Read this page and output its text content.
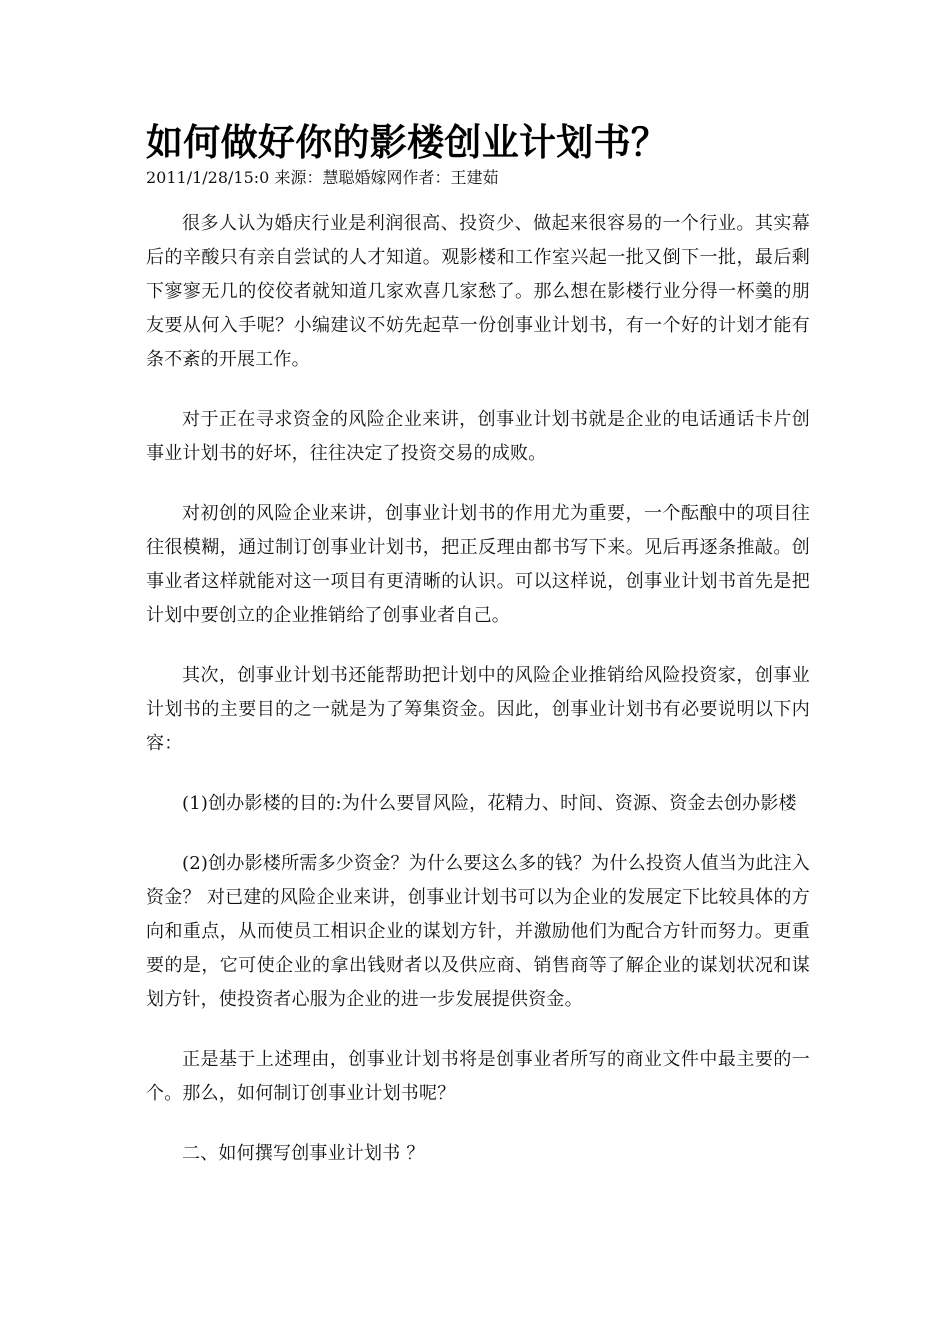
如何做好你的影楼创业计划书？
2011/1/28/15:0 来源：慧聪婚嫁网作者：王建茹

很多人认为婚庆行业是利润很高、投资少、做起来很容易的一个行业。其实幕后的辛酸只有亲自尝试的人才知道。观影楼和工作室兴起一批又倒下一批，最后剩下寥寥无几的佼佼者就知道几家欢喜几家愁了。那么想在影楼行业分得一杯羹的朋友要从何入手呢？小编建议不妨先起草一份创事业计划书，有一个好的计划才能有条不紊的开展工作。

对于正在寻求资金的风险企业来讲，创事业计划书就是企业的电话通话卡片创事业计划书的好坏，往往决定了投资交易的成败。

对初创的风险企业来讲，创事业计划书的作用尤为重要，一个酝酿中的项目往往很模糊，通过制订创事业计划书，把正反理由都书写下来。见后再逐条推敲。创事业者这样就能对这一项目有更清晰的认识。可以这样说，创事业计划书首先是把计划中要创立的企业推销给了创事业者自己。

其次，创事业计划书还能帮助把计划中的风险企业推销给风险投资家，创事业计划书的主要目的之一就是为了筹集资金。因此，创事业计划书有必要说明以下内容：

(1)创办影楼的目的:为什么要冒风险，花精力、时间、资源、资金去创办影楼

(2)创办影楼所需多少资金？为什么要这么多的钱？为什么投资人值当为此注入资金？ 对已建的风险企业来讲，创事业计划书可以为企业的发展定下比较具体的方向和重点，从而使员工相识企业的谋划方针，并激励他们为配合方针而努力。更重要的是，它可使企业的拿出钱财者以及供应商、销售商等了解企业的谋划状况和谋划方针，使投资者心服为企业的进一步发展提供资金。

正是基于上述理由，创事业计划书将是创事业者所写的商业文件中最主要的一个。那么，如何制订创事业计划书呢？

二、如何撰写创事业计划书 ？
